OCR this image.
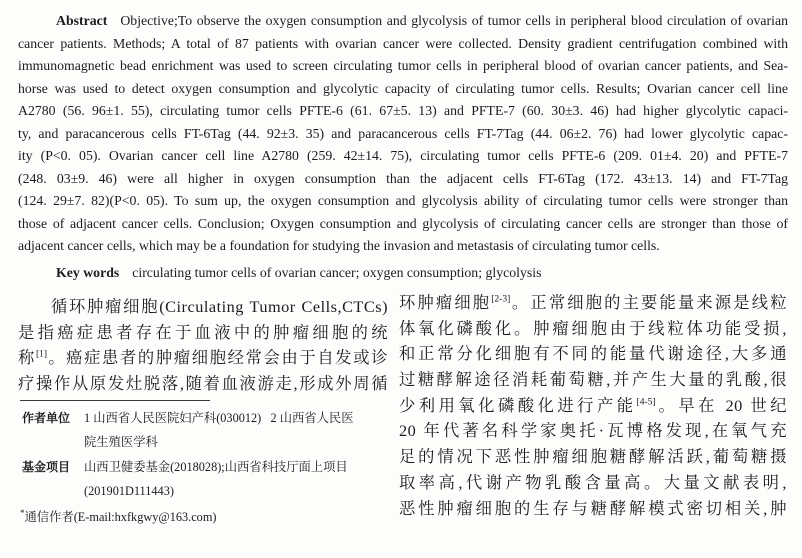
Abstract Objective;To observe the oxygen consumption and glycolysis of tumor cells in peripheral blood circulation of ovarian
cancer patients. Methods; A total of 87 patients with ovarian cancer were collected. Density gradient centrifugation combined with
immunomagnetic bead enrichment was used to screen circulating tumor cells in peripheral blood of ovarian cancer patients, and Sea-
horse was used to detect oxygen consumption and glycolytic capacity of circulating tumor cells. Results; Ovarian cancer cell line
A2780 (56. 96±1. 55), circulating tumor cells PFTE-6 (61. 67±5. 13) and PFTE-7 (60. 30±3. 46) had higher glycolytic capaci-
ty, and paracancerous cells FT-6Tag (44. 92±3. 35) and paracancerous cells FT-7Tag (44. 06±2. 76) had lower glycolytic capac-
ity (P<0. 05). Ovarian cancer cell line A2780 (259. 42±14. 75), circulating tumor cells PFTE-6 (209. 01±4. 20) and PFTE-7
(248. 03±9. 46) were all higher in oxygen consumption than the adjacent cells FT-6Tag (172. 43±13. 14) and FT-7Tag
(124. 29±7. 82)(P<0. 05). To sum up, the oxygen consumption and glycolysis ability of circulating tumor cells were stronger than
those of adjacent cancer cells. Conclusion; Oxygen consumption and glycolysis of circulating cancer cells are stronger than those of
adjacent cancer cells, which may be a foundation for studying the invasion and metastasis of circulating tumor cells.
Key words circulating tumor cells of ovarian cancer; oxygen consumption; glycolysis
循环肿瘤细胞(Circulating Tumor Cells,CTCs)
是指癌症患者存在于血液中的肿瘤细胞的统
称[1]。癌症患者的肿瘤细胞经常会由于自发或诊
疗操作从原发灶脱落,随着血液游走,形成外周循
环肿瘤细胞[2-3]。正常细胞的主要能量来源是线粒
体氧化磷酸化。肿瘤细胞由于线粒体功能受损,
和正常分化细胞有不同的能量代谢途径,大多通
过糖酵解途径消耗葡萄糖,并产生大量的乳酸,很
少利用氧化磷酸化进行产能[4-5]。早在 20 世纪
20 年代著名科学家奥托·瓦博格发现,在氧气充
足的情况下恶性肿瘤细胞糖酵解活跃,葡萄糖摄
取率高,代谢产物乳酸含量高。大量文献表明,
恶性肿瘤细胞的生存与糖酵解模式密切相关,肿
作者单位	1 山西省人民医院妇产科(030012)   2 山西省人民医
院生殖医学科
基金项目	山西卫健委基金(2018028);山西省科技厅面上项目
(201901D111443)
*通信作者(E-mail:hxfkgwy@163.com)
